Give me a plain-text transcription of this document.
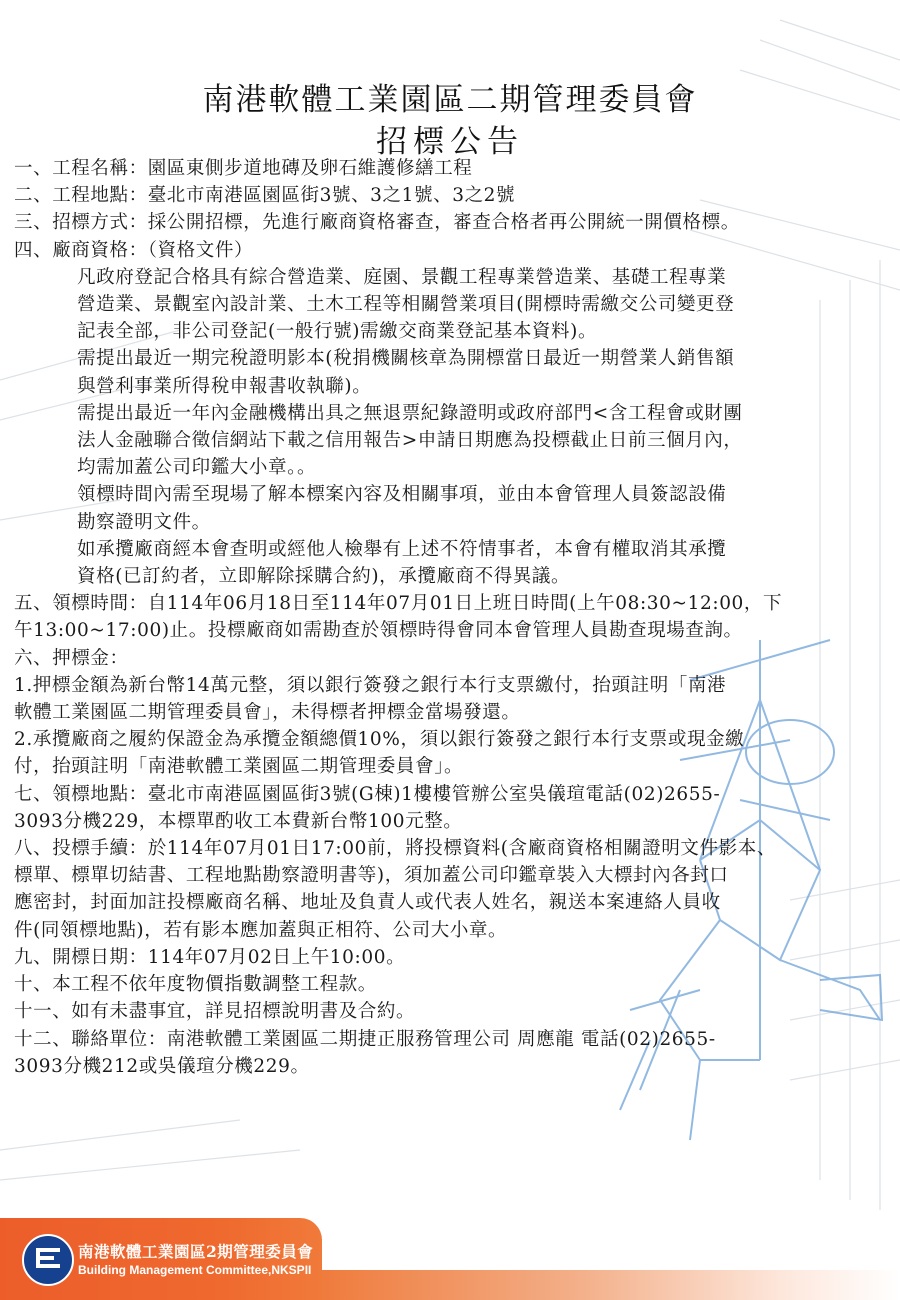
南港軟體工業園區二期管理委員會
招標公告
一、工程名稱：園區東側步道地磚及卵石維護修繕工程
二、工程地點：臺北市南港區園區街3號、3之1號、3之2號
三、招標方式：採公開招標，先進行廠商資格審查，審查合格者再公開統一開價格標。
四、廠商資格：（資格文件）
凡政府登記合格具有綜合營造業、庭園、景觀工程專業營造業、基礎工程專業
營造業、景觀室內設計業、土木工程等相關營業項目(開標時需繳交公司變更登
記表全部，非公司登記(一般行號)需繳交商業登記基本資料)。
需提出最近一期完稅證明影本(稅捐機關核章為開標當日最近一期營業人銷售額
與營利事業所得稅申報書收執聯)。
需提出最近一年內金融機構出具之無退票紀錄證明或政府部門<含工程會或財團
法人金融聯合徵信網站下載之信用報告>申請日期應為投標截止日前三個月內，
均需加蓋公司印鑑大小章。。
領標時間內需至現場了解本標案內容及相關事項，並由本會管理人員簽認設備
勘察證明文件。
如承攬廠商經本會查明或經他人檢舉有上述不符情事者，本會有權取消其承攬
資格(已訂約者，立即解除採購合約)，承攬廠商不得異議。
五、領標時間：自114年06月18日至114年07月01日上班日時間(上午08:30~12:00，下
午13:00~17:00)止。投標廠商如需勘查於領標時得會同本會管理人員勘查現場查詢。
六、押標金：
1.押標金額為新台幣14萬元整，須以銀行簽發之銀行本行支票繳付，抬頭註明「南港
軟體工業園區二期管理委員會」，未得標者押標金當場發還。
2.承攬廠商之履約保證金為承攬金額總價10%，須以銀行簽發之銀行本行支票或現金繳
付，抬頭註明「南港軟體工業園區二期管理委員會」。
七、領標地點：臺北市南港區園區街3號(G棟)1樓樓管辦公室吳儀瑄電話(02)2655-
3093分機229，本標單酌收工本費新台幣100元整。
八、投標手續：於114年07月01日17:00前，將投標資料(含廠商資格相關證明文件影本、
標單、標單切結書、工程地點勘察證明書等)，須加蓋公司印鑑章裝入大標封內各封口
應密封，封面加註投標廠商名稱、地址及負責人或代表人姓名，親送本案連絡人員收
件(同領標地點)，若有影本應加蓋與正相符、公司大小章。
九、開標日期：114年07月02日上午10:00。
十、本工程不依年度物價指數調整工程款。
十一、如有未盡事宜，詳見招標說明書及合約。
十二、聯絡單位：南港軟體工業園區二期捷正服務管理公司 周應龍 電話(02)2655-
3093分機212或吳儀瑄分機229。
南港軟體工業園區2期管理委員會
Building Management Committee,NKSPII
